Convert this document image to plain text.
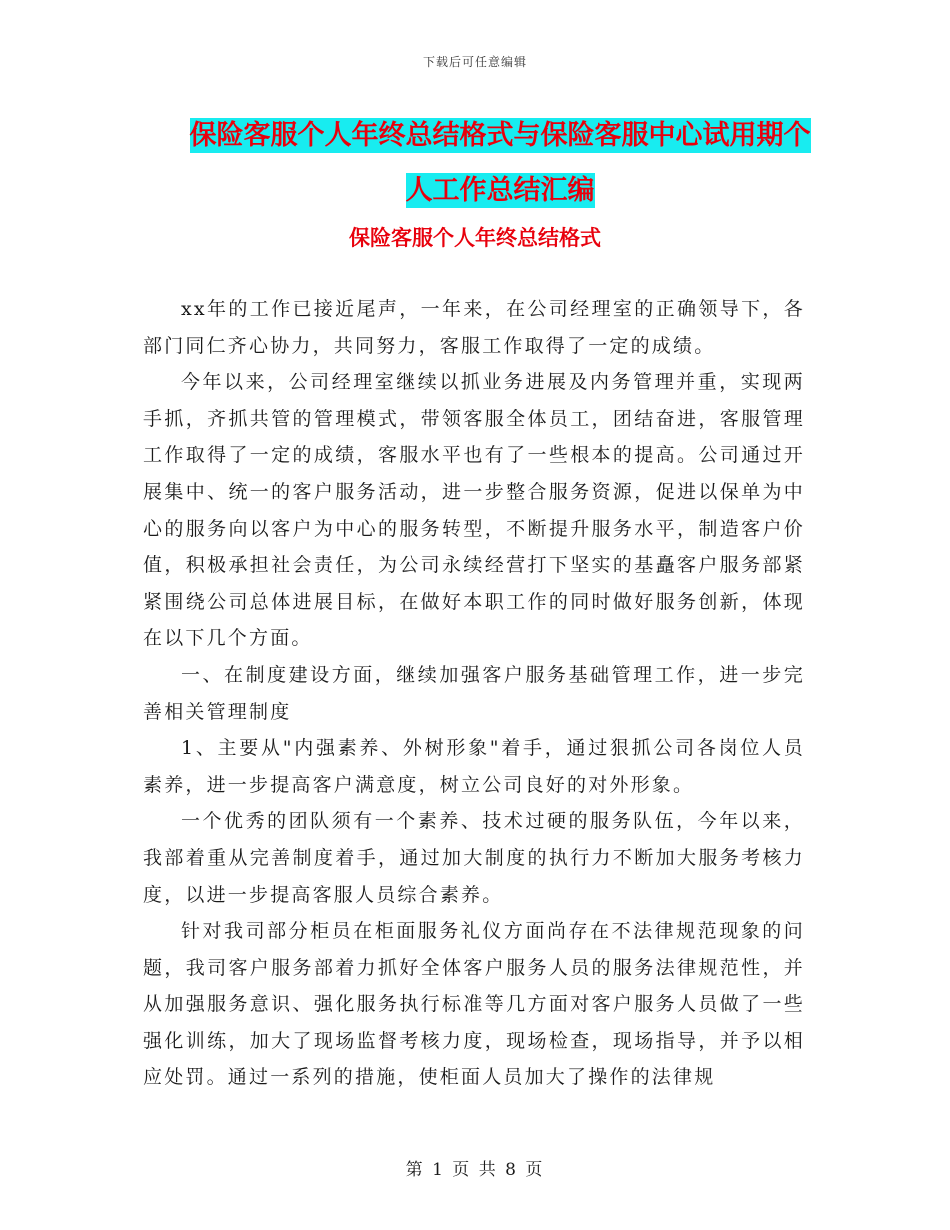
下载后可任意编辑
保险客服个人年终总结格式与保险客服中心试用期个
人工作总结汇编
保险客服个人年终总结格式

xx年的工作已接近尾声，一年来，在公司经理室的正确领导下，各部门同仁齐心协力，共同努力，客服工作取得了一定的成绩。

今年以来，公司经理室继续以抓业务进展及内务管理并重，实现两手抓，齐抓共管的管理模式，带领客服全体员工，团结奋进，客服管理工作取得了一定的成绩，客服水平也有了一些根本的提高。公司通过开展集中、统一的客户服务活动，进一步整合服务资源，促进以保单为中心的服务向以客户为中心的服务转型，不断提升服务水平，制造客户价值，积极承担社会责任，为公司永续经营打下坚实的基矗客户服务部紧紧围绕公司总体进展目标，在做好本职工作的同时做好服务创新，体现在以下几个方面。

一、在制度建设方面，继续加强客户服务基础管理工作，进一步完善相关管理制度

1、主要从"内强素养、外树形象"着手，通过狠抓公司各岗位人员素养，进一步提高客户满意度，树立公司良好的对外形象。

一个优秀的团队须有一个素养、技术过硬的服务队伍，今年以来，我部着重从完善制度着手，通过加大制度的执行力不断加大服务考核力度，以进一步提高客服人员综合素养。

针对我司部分柜员在柜面服务礼仪方面尚存在不法律规范现象的问题，我司客户服务部着力抓好全体客户服务人员的服务法律规范性，并从加强服务意识、强化服务执行标准等几方面对客户服务人员做了一些强化训练，加大了现场监督考核力度，现场检查，现场指导，并予以相应处罚。通过一系列的措施，使柜面人员加大了操作的法律规

第 1 页 共 8 页
